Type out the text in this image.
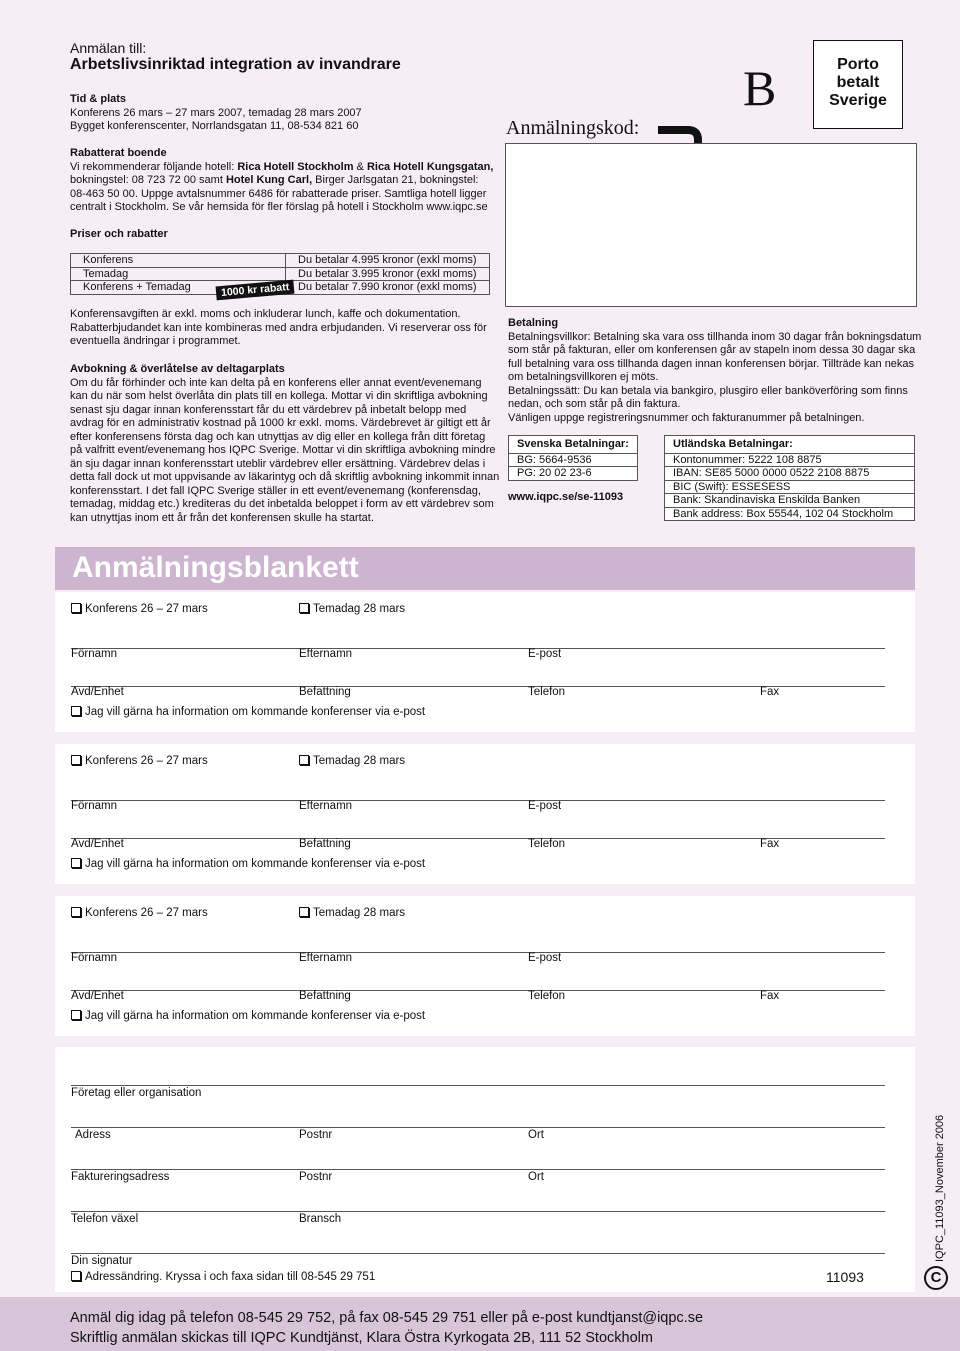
Anmälan till:
Arbetslivsinriktad integration av invandrare
Tid & plats
Konferens 26 mars – 27 mars 2007, temadag 28 mars 2007
Bygget konferenscenter, Norrlandsgatan 11, 08-534 821 60
Rabatterat boende
Vi rekommenderar följande hotell: Rica Hotell Stockholm & Rica Hotell Kungsgatan,
bokningstel: 08 723 72 00 samt Hotel Kung Carl, Birger Jarlsgatan 21, bokningstel:
08-463 50 00. Uppge avtalsnummer 6486 för rabatterade priser. Samtliga hotell ligger
centralt i Stockholm. Se vår hemsida för fler förslag på hotell i Stockholm www.iqpc.se
Priser och rabatter
Konferens	Du betalar 4.995 kronor (exkl moms)
Temadag	Du betalar 3.995 kronor (exkl moms)
Konferens + Temadag	Du betalar 7.990 kronor (exkl moms)
1000 kr rabatt
Konferensavgiften är exkl. moms och inkluderar lunch, kaffe och dokumentation.
Rabatterbjudandet kan inte kombineras med andra erbjudanden. Vi reserverar oss för
eventuella ändringar i programmet.
Avbokning & överlåtelse av deltagarplats
Om du får förhinder och inte kan delta på en konferens eller annat event/evenemang
kan du när som helst överlåta din plats till en kollega. Mottar vi din skriftliga avbokning
senast sju dagar innan konferensstart får du ett värdebrev på inbetalt belopp med
avdrag för en administrativ kostnad på 1000 kr exkl. moms. Värdebrevet är giltigt ett år
efter konferensens första dag och kan utnyttjas av dig eller en kollega från ditt företag
på valfritt event/evenemang hos IQPC Sverige. Mottar vi din skriftliga avbokning mindre
än sju dagar innan konferensstart uteblir värdebrev eller ersättning. Värdebrev delas i
detta fall dock ut mot uppvisande av läkarintyg och då skriftlig avbokning inkommit innan
konferensstart. I det fall IQPC Sverige ställer in ett event/evenemang (konferensdag,
temadag, middag etc.) krediteras du det inbetalda beloppet i form av ett värdebrev som
kan utnyttjas inom ett år från det konferensen skulle ha startat.
B	Porto
betalt
Sverige
Anmälningskod:
Betalning
Betalningsvillkor: Betalning ska vara oss tillhanda inom 30 dagar från bokningsdatum
som står på fakturan, eller om konferensen går av stapeln inom dessa 30 dagar ska
full betalning vara oss tillhanda dagen innan konferensen börjar. Tillträde kan nekas
om betalningsvillkoren ej möts.
Betalningssätt: Du kan betala via bankgiro, plusgiro eller banköverföring som finns
nedan, och som står på din faktura.
Vänligen uppge registreringsnummer och fakturanummer på betalningen.
Svenska Betalningar:
BG: 5664-9536
PG: 20 02 23-6
www.iqpc.se/se-11093
Utländska Betalningar:
Kontonummer: 5222 108 8875
IBAN: SE85 5000 0000 0522 2108 8875
BIC (Swift): ESSESESS
Bank: Skandinaviska Enskilda Banken
Bank address: Box 55544, 102 04 Stockholm
Anmälningsblankett
Konferens 26 – 27 mars	Temadag 28 mars
Förnamn	Efternamn	E-post
Avd/Enhet	Befattning	Telefon	Fax
Jag vill gärna ha information om kommande konferenser via e-post
Konferens 26 – 27 mars	Temadag 28 mars
Förnamn	Efternamn	E-post
Avd/Enhet	Befattning	Telefon	Fax
Jag vill gärna ha information om kommande konferenser via e-post
Konferens 26 – 27 mars	Temadag 28 mars
Förnamn	Efternamn	E-post
Avd/Enhet	Befattning	Telefon	Fax
Jag vill gärna ha information om kommande konferenser via e-post
Företag eller organisation
Adress	Postnr	Ort
Faktureringsadress	Postnr	Ort
Telefon växel	Bransch
Din signatur
Adressändring. Kryssa i och faxa sidan till 08-545 29 751	11093
IQPC_11093_November 2006
C
Anmäl dig idag på telefon 08-545 29 752, på fax 08-545 29 751 eller på e-post kundtjanst@iqpc.se
Skriftlig anmälan skickas till IQPC Kundtjänst, Klara Östra Kyrkogata 2B, 111 52 Stockholm
